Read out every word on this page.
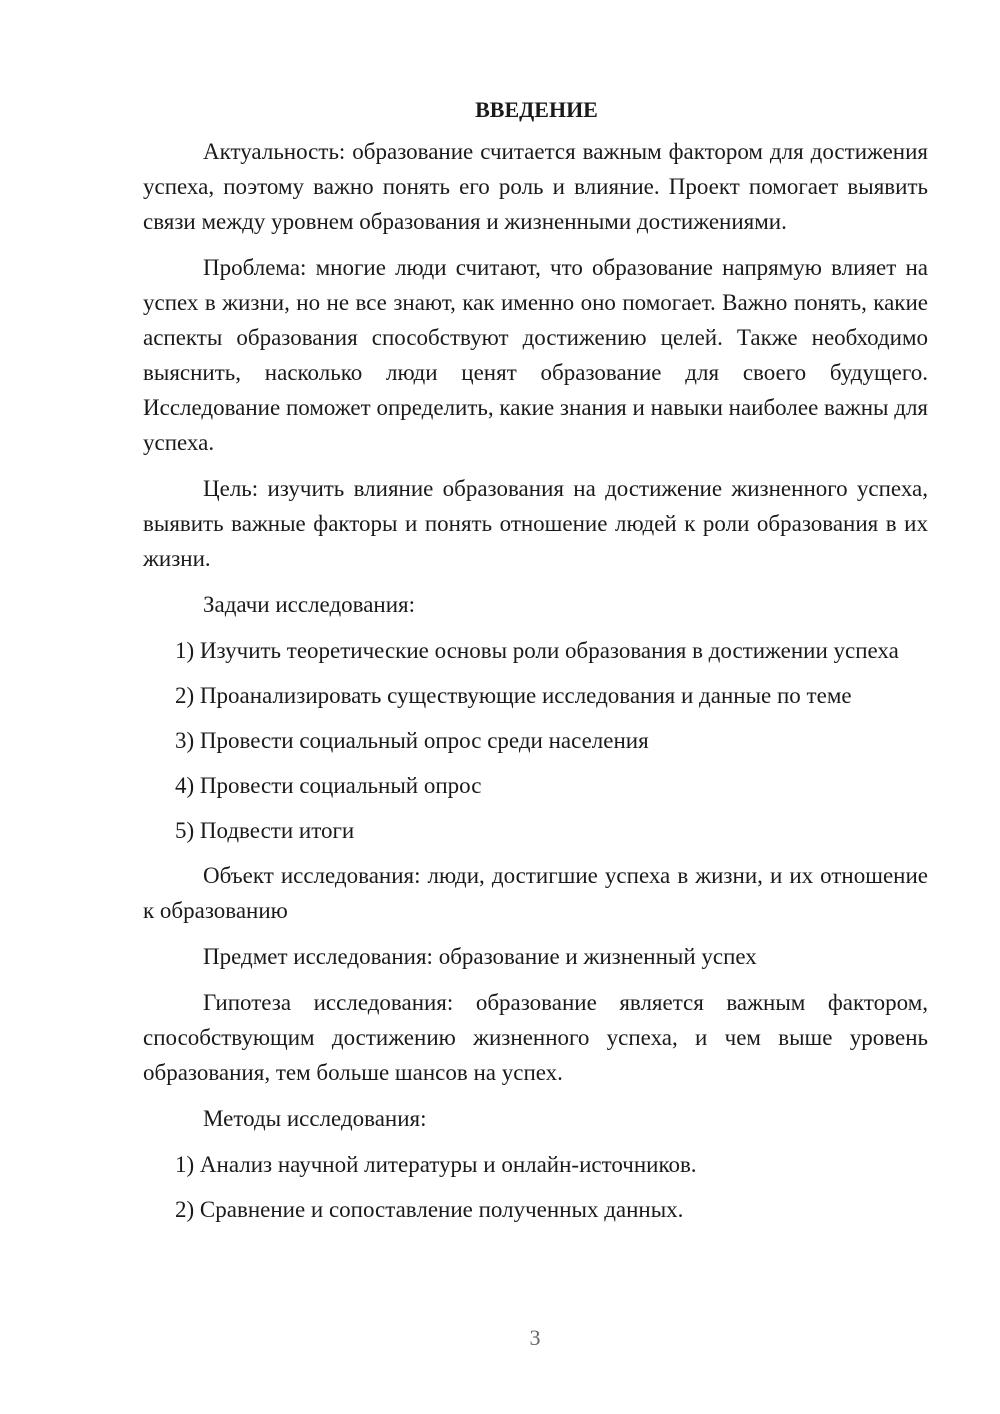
ВВЕДЕНИЕ

Актуальность: образование считается важным фактором для достижения успеха, поэтому важно понять его роль и влияние. Проект помогает выявить связи между уровнем образования и жизненными достижениями.

Проблема: многие люди считают, что образование напрямую влияет на успех в жизни, но не все знают, как именно оно помогает. Важно понять, какие аспекты образования способствуют достижению целей. Также необходимо выяснить, насколько люди ценят образование для своего будущего. Исследование поможет определить, какие знания и навыки наиболее важны для успеха.

Цель: изучить влияние образования на достижение жизненного успеха, выявить важные факторы и понять отношение людей к роли образования в их жизни.

Задачи исследования:

1) Изучить теоретические основы роли образования в достижении успеха

2) Проанализировать существующие исследования и данные по теме

3) Провести социальный опрос среди населения

4) Провести социальный опрос

5) Подвести итоги

Объект исследования: люди, достигшие успеха в жизни, и их отношение к образованию

Предмет исследования: образование и жизненный успех

Гипотеза исследования: образование является важным фактором, способствующим достижению жизненного успеха, и чем выше уровень образования, тем больше шансов на успех.

Методы исследования:

1) Анализ научной литературы и онлайн-источников.

2) Сравнение и сопоставление полученных данных.

3
